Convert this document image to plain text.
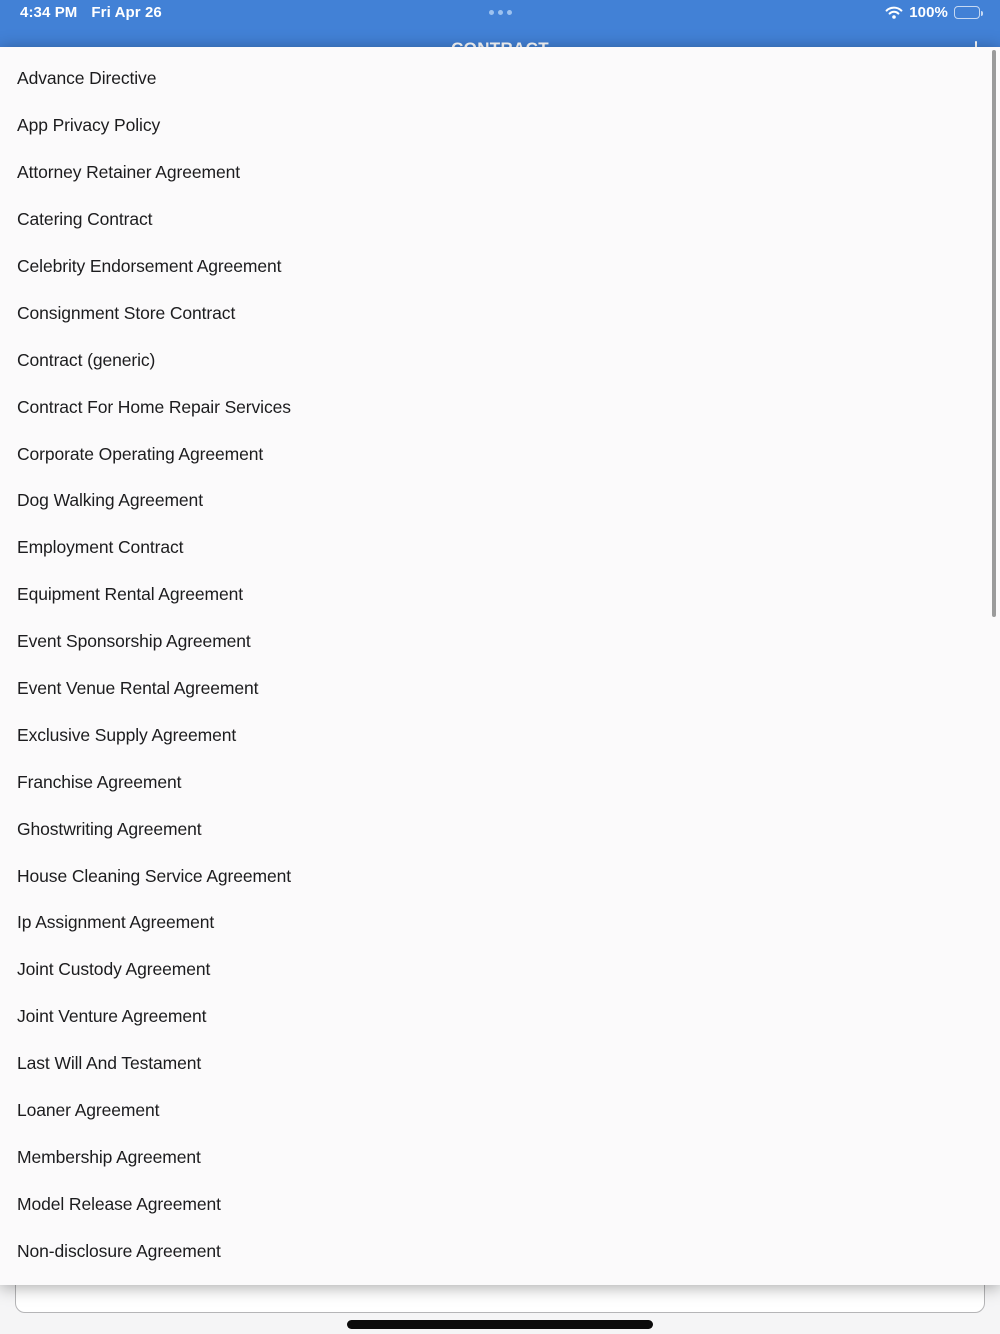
4:34 PM Fri Apr 26	100%
Advance Directive
App Privacy Policy
Attorney Retainer Agreement
Catering Contract
Celebrity Endorsement Agreement
Consignment Store Contract
Contract (generic)
Contract For Home Repair Services
Corporate Operating Agreement
Dog Walking Agreement
Employment Contract
Equipment Rental Agreement
Event Sponsorship Agreement
Event Venue Rental Agreement
Exclusive Supply Agreement
Franchise Agreement
Ghostwriting Agreement
House Cleaning Service Agreement
Ip Assignment Agreement
Joint Custody Agreement
Joint Venture Agreement
Last Will And Testament
Loaner Agreement
Membership Agreement
Model Release Agreement
Non-disclosure Agreement
